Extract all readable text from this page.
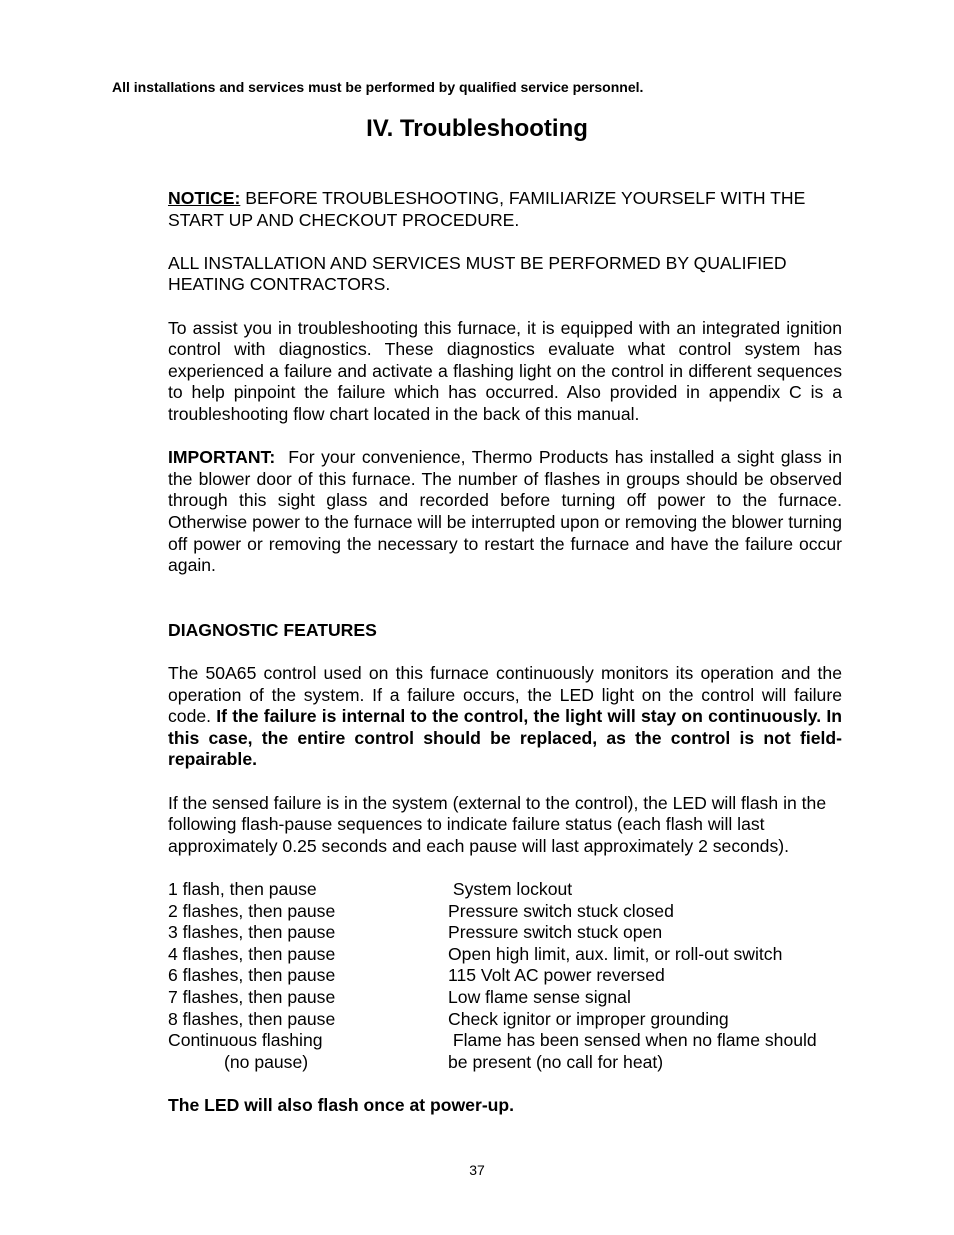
All installations and services must be performed by qualified service personnel.
IV. Troubleshooting

NOTICE: BEFORE TROUBLESHOOTING, FAMILIARIZE YOURSELF WITH THE START UP AND CHECKOUT PROCEDURE.

ALL INSTALLATION AND SERVICES MUST BE PERFORMED BY QUALIFIED HEATING CONTRACTORS.

To assist you in troubleshooting this furnace, it is equipped with an integrated ignition control with diagnostics. These diagnostics evaluate what control system has experienced a failure and activate a flashing light on the control in different sequences to help pinpoint the failure which has occurred. Also provided in appendix C is a troubleshooting flow chart located in the back of this manual.

IMPORTANT:  For your convenience, Thermo Products has installed a sight glass in the blower door of this furnace. The number of flashes in groups should be observed through this sight glass and recorded before turning off power to the furnace. Otherwise power to the furnace will be interrupted upon or removing the blower turning off power or removing the necessary to restart the furnace and have the failure occur again.

DIAGNOSTIC FEATURES

The 50A65 control used on this furnace continuously monitors its operation and the operation of the system. If a failure occurs, the LED light on the control will failure code. If the failure is internal to the control, the light will stay on continuously. In this case, the entire control should be replaced, as the control is not field-repairable.

If the sensed failure is in the system (external to the control), the LED will flash in the following flash-pause sequences to indicate failure status (each flash will last approximately 0.25 seconds and each pause will last approximately 2 seconds).

1 flash, then pause	System lockout
2 flashes, then pause	Pressure switch stuck closed
3 flashes, then pause	Pressure switch stuck open
4 flashes, then pause	Open high limit, aux. limit, or roll-out switch
6 flashes, then pause	115 Volt AC power reversed
7 flashes, then pause	Low flame sense signal
8 flashes, then pause	Check ignitor or improper grounding
Continuous flashing	Flame has been sensed when no flame should
(no pause)	be present (no call for heat)

The LED will also flash once at power-up.

37
